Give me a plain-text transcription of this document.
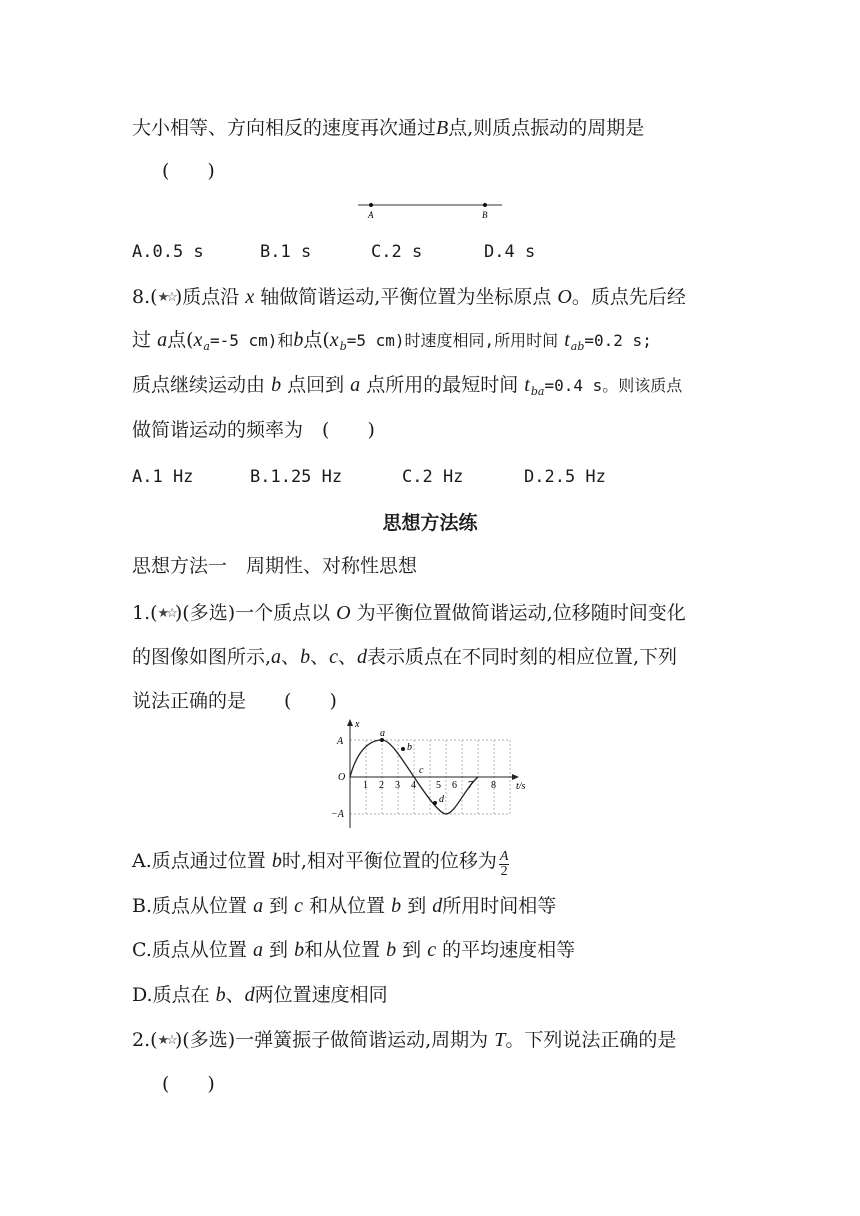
大小相等、方向相反的速度再次通过B点,则质点振动的周期是
(　　)
A	B
A.0.5 s	B.1 s	C.2 s	D.4 s
8.(★☆)质点沿 x 轴做简谐运动,平衡位置为坐标原点 O。质点先后经
过 a点($x_a=-5$ cm)和b点($x_b=5$ cm)时速度相同,所用时间 $t_{ab}=0.2$ s;
质点继续运动由 b 点回到 a 点所用的最短时间 $t_{ba}=0.4$ s。则该质点
做简谐运动的频率为　 (　　)
A.1 Hz	B.1.25 Hz	C.2 Hz	D.2.5 Hz
思想方法练
思想方法一　周期性、对称性思想
1.(★☆)(多选)一个质点以 O 为平衡位置做简谐运动,位移随时间变化
的图像如图所示,a、b、c、d表示质点在不同时刻的相应位置,下列
说法正确的是　　 (　　)
x
A
−A
O
1 2 3 4 5 6 7 8 t/s
a
b
c
d
A.质点通过位置 b时,相对平衡位置的位移为 $\frac{A}{2}$
B.质点从位置 a 到 c 和从位置 b 到 d所用时间相等
C.质点从位置 a 到 b和从位置 b 到 c 的平均速度相等
D.质点在 b、d两位置速度相同
2.(★☆)(多选)一弹簧振子做简谐运动,周期为 T。下列说法正确的是
(　　)
